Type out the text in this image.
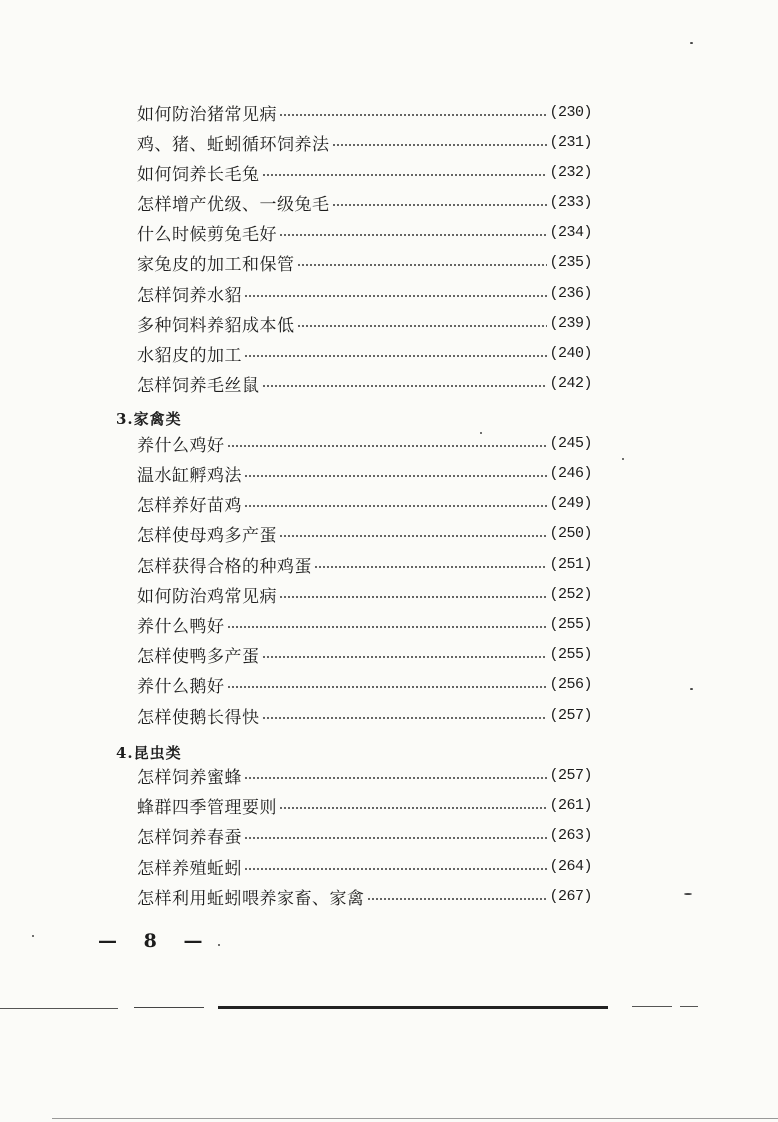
如何防治猪常见病	(230)
鸡、猪、蚯蚓循环饲养法	(231)
如何饲养长毛兔	(232)
怎样增产优级、一级兔毛	(233)
什么时候剪兔毛好	(234)
家兔皮的加工和保管	(235)
怎样饲养水貂	(236)
多种饲料养貂成本低	(239)
水貂皮的加工	(240)
怎样饲养毛丝鼠	(242)
3.家禽类
养什么鸡好	(245)
温水缸孵鸡法	(246)
怎样养好苗鸡	(249)
怎样使母鸡多产蛋	(250)
怎样获得合格的种鸡蛋	(251)
如何防治鸡常见病	(252)
养什么鸭好	(255)
怎样使鸭多产蛋	(255)
养什么鹅好	(256)
怎样使鹅长得快	(257)
4.昆虫类
怎样饲养蜜蜂	(257)
蜂群四季管理要则	(261)
怎样饲养春蚕	(263)
怎样养殖蚯蚓	(264)
怎样利用蚯蚓喂养家畜、家禽	(267)
— 8 —
